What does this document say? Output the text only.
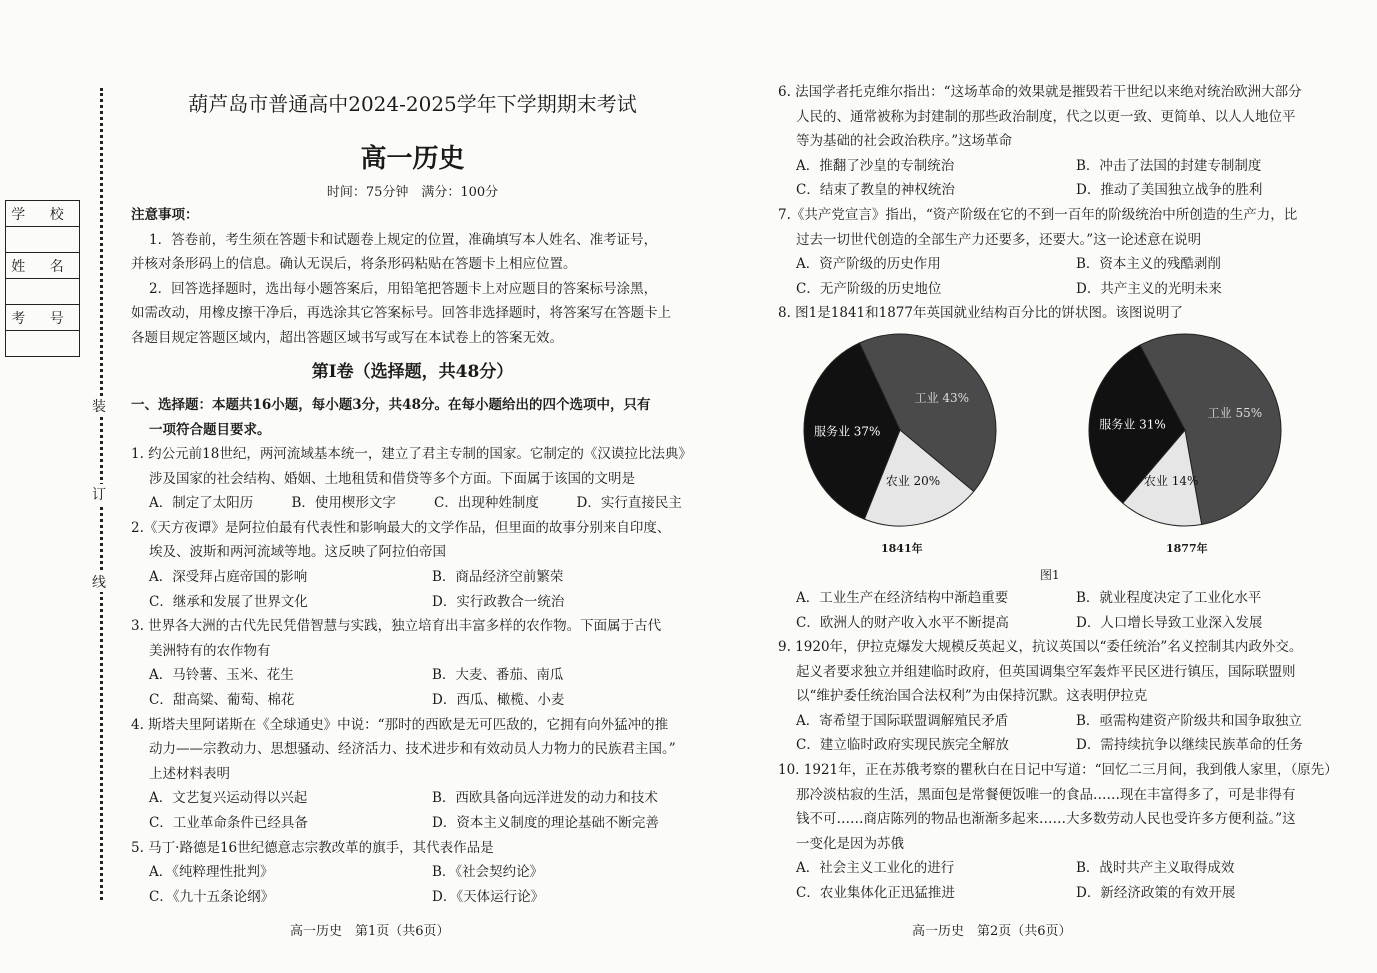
学 校

姓 名

考 号

装
订
线
葫芦岛市普通高中2024-2025学年下学期期末考试
高一历史
时间：75分钟　满分：100分
注意事项：
1．答卷前，考生须在答题卡和试题卷上规定的位置，准确填写本人姓名、准考证号，
并核对条形码上的信息。确认无误后，将条形码粘贴在答题卡上相应位置。
2．回答选择题时，选出每小题答案后，用铅笔把答题卡上对应题目的答案标号涂黑，
如需改动，用橡皮擦干净后，再选涂其它答案标号。回答非选择题时，将答案写在答题卡上
各题目规定答题区域内，超出答题区域书写或写在本试卷上的答案无效。
第Ⅰ卷（选择题，共48分）
一、选择题：本题共16小题，每小题3分，共48分。在每小题给出的四个选项中，只有
一项符合题目要求。
1. 约公元前18世纪，两河流域基本统一，建立了君主专制的国家。它制定的《汉谟拉比法典》
涉及国家的社会结构、婚姻、土地租赁和借贷等多个方面。下面属于该国的文明是
A．制定了太阳历	B．使用楔形文字	C．出现种姓制度	D．实行直接民主
2.《天方夜谭》是阿拉伯最有代表性和影响最大的文学作品，但里面的故事分别来自印度、
埃及、波斯和两河流域等地。这反映了阿拉伯帝国
A．深受拜占庭帝国的影响	B．商品经济空前繁荣
C．继承和发展了世界文化	D．实行政教合一统治
3. 世界各大洲的古代先民凭借智慧与实践，独立培育出丰富多样的农作物。下面属于古代
美洲特有的农作物有
A．马铃薯、玉米、花生	B．大麦、番茄、南瓜
C．甜高粱、葡萄、棉花	D．西瓜、橄榄、小麦
4. 斯塔夫里阿诺斯在《全球通史》中说：“那时的西欧是无可匹敌的，它拥有向外猛冲的推
动力——宗教动力、思想骚动、经济活力、技术进步和有效动员人力物力的民族君主国。”
上述材料表明
A．文艺复兴运动得以兴起	B．西欧具备向远洋进发的动力和技术
C．工业革命条件已经具备	D．资本主义制度的理论基础不断完善
5. 马丁·路德是16世纪德意志宗教改革的旗手，其代表作品是
A．《纯粹理性批判》	B．《社会契约论》
C．《九十五条论纲》	D．《天体运行论》
高一历史　第1页（共6页）
6. 法国学者托克维尔指出：“这场革命的效果就是摧毁若干世纪以来绝对统治欧洲大部分
人民的、通常被称为封建制的那些政治制度，代之以更一致、更简单、以人人地位平
等为基础的社会政治秩序。”这场革命
A．推翻了沙皇的专制统治	B．冲击了法国的封建专制制度
C．结束了教皇的神权统治	D．推动了美国独立战争的胜利
7.《共产党宣言》指出，“资产阶级在它的不到一百年的阶级统治中所创造的生产力，比
过去一切世代创造的全部生产力还要多，还要大。”这一论述意在说明
A．资产阶级的历史作用	B．资本主义的残酷剥削
C．无产阶级的历史地位	D．共产主义的光明未来
8. 图1是1841和1877年英国就业结构百分比的饼状图。该图说明了
工业 43%
农业 20%
服务业 37%
1841年
工业 55%
农业 14%
服务业 31%
1877年
图1
A．工业生产在经济结构中渐趋重要	B．就业程度决定了工业化水平
C．欧洲人的财产收入水平不断提高	D．人口增长导致工业深入发展
9. 1920年，伊拉克爆发大规模反英起义，抗议英国以“委任统治”名义控制其内政外交。
起义者要求独立并组建临时政府，但英国调集空军轰炸平民区进行镇压，国际联盟则
以“维护委任统治国合法权利”为由保持沉默。这表明伊拉克
A．寄希望于国际联盟调解殖民矛盾	B．亟需构建资产阶级共和国争取独立
C．建立临时政府实现民族完全解放	D．需持续抗争以继续民族革命的任务
10. 1921年，正在苏俄考察的瞿秋白在日记中写道：“回忆二三月间，我到俄人家里，（原先）
那冷淡枯寂的生活，黑面包是常餐便饭唯一的食品……现在丰富得多了，可是非得有
钱不可……商店陈列的物品也渐渐多起来……大多数劳动人民也受许多方便利益。”这
一变化是因为苏俄
A．社会主义工业化的进行	B．战时共产主义取得成效
C．农业集体化正迅猛推进	D．新经济政策的有效开展
高一历史　第2页（共6页）
